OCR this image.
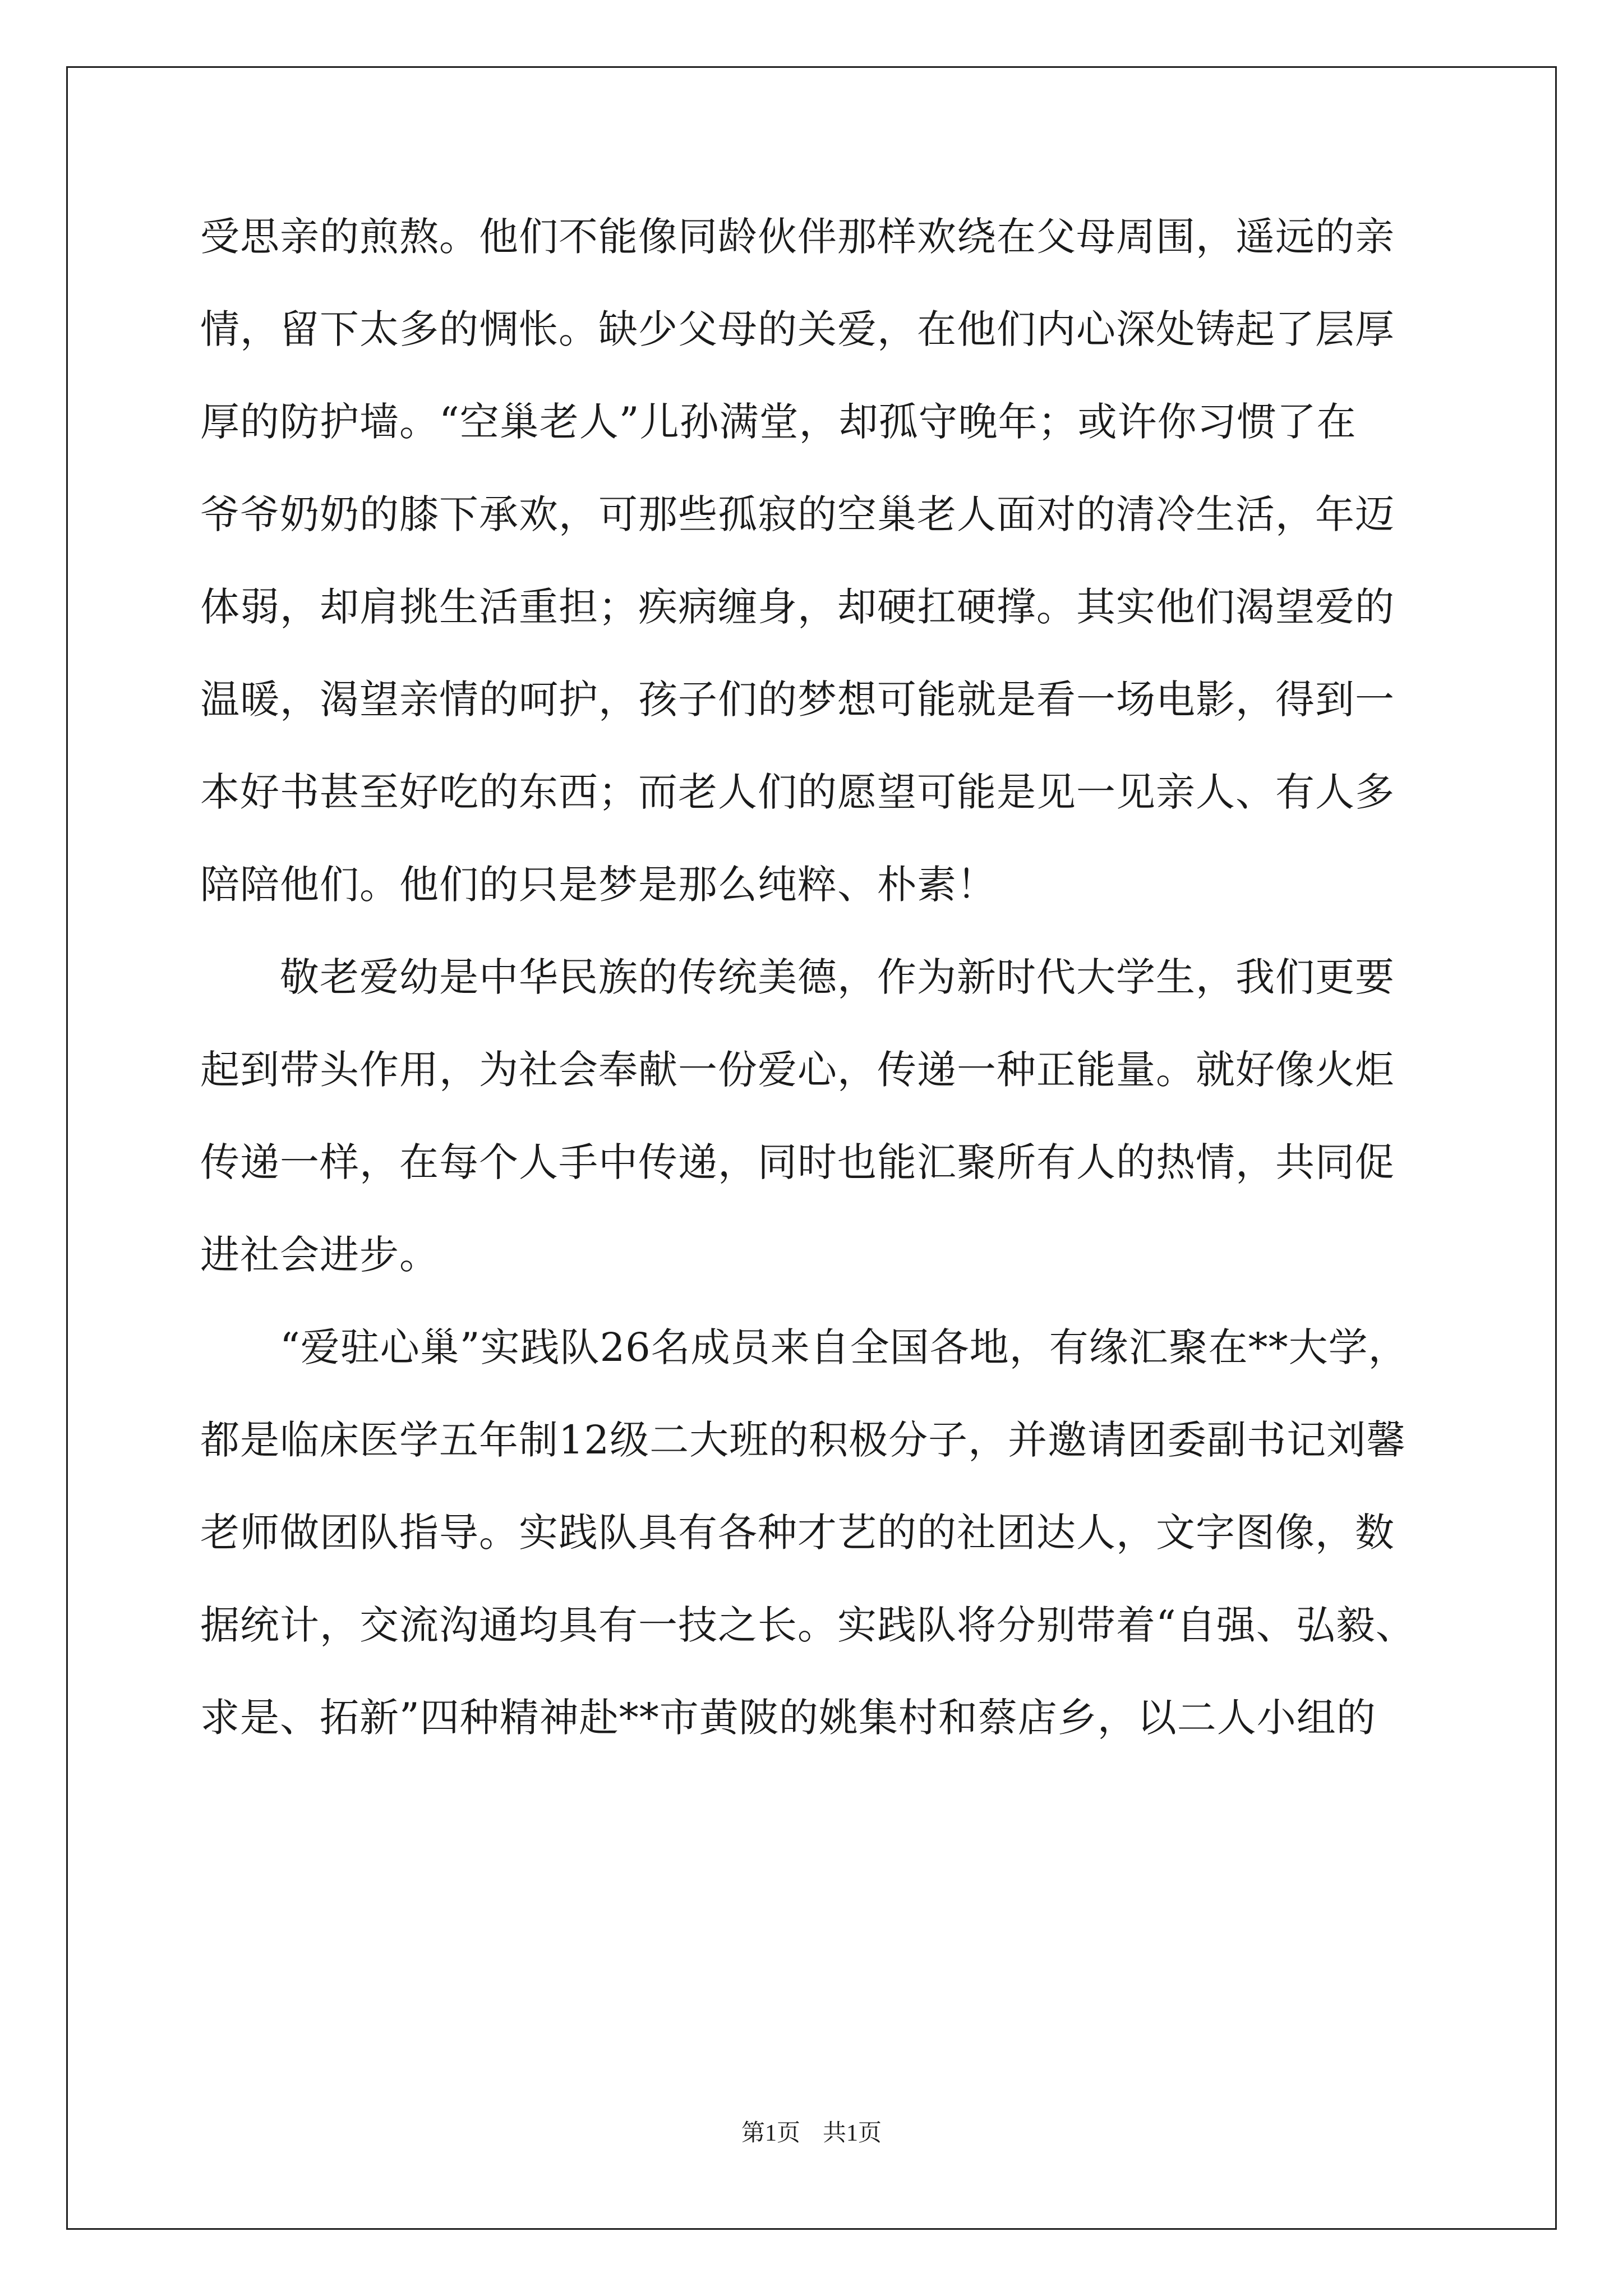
受思亲的煎熬。他们不能像同龄伙伴那样欢绕在父母周围，遥远的亲
情，留下太多的惆怅。缺少父母的关爱，在他们内心深处铸起了层厚
厚的防护墙。“空巢老人”儿孙满堂，却孤守晚年；或许你习惯了在
爷爷奶奶的膝下承欢，可那些孤寂的空巢老人面对的清冷生活，年迈
体弱，却肩挑生活重担；疾病缠身，却硬扛硬撑。其实他们渴望爱的
温暖，渴望亲情的呵护，孩子们的梦想可能就是看一场电影，得到一
本好书甚至好吃的东西；而老人们的愿望可能是见一见亲人、有人多
陪陪他们。他们的只是梦是那么纯粹、朴素！
　　敬老爱幼是中华民族的传统美德，作为新时代大学生，我们更要
起到带头作用，为社会奉献一份爱心，传递一种正能量。就好像火炬
传递一样，在每个人手中传递，同时也能汇聚所有人的热情，共同促
进社会进步。
　　“爱驻心巢”实践队26名成员来自全国各地，有缘汇聚在**大学，
都是临床医学五年制12级二大班的积极分子，并邀请团委副书记刘馨
老师做团队指导。实践队具有各种才艺的的社团达人，文字图像，数
据统计，交流沟通均具有一技之长。实践队将分别带着“自强、弘毅、
求是、拓新”四种精神赴**市黄陂的姚集村和蔡店乡，以二人小组的
第1页 共1页
